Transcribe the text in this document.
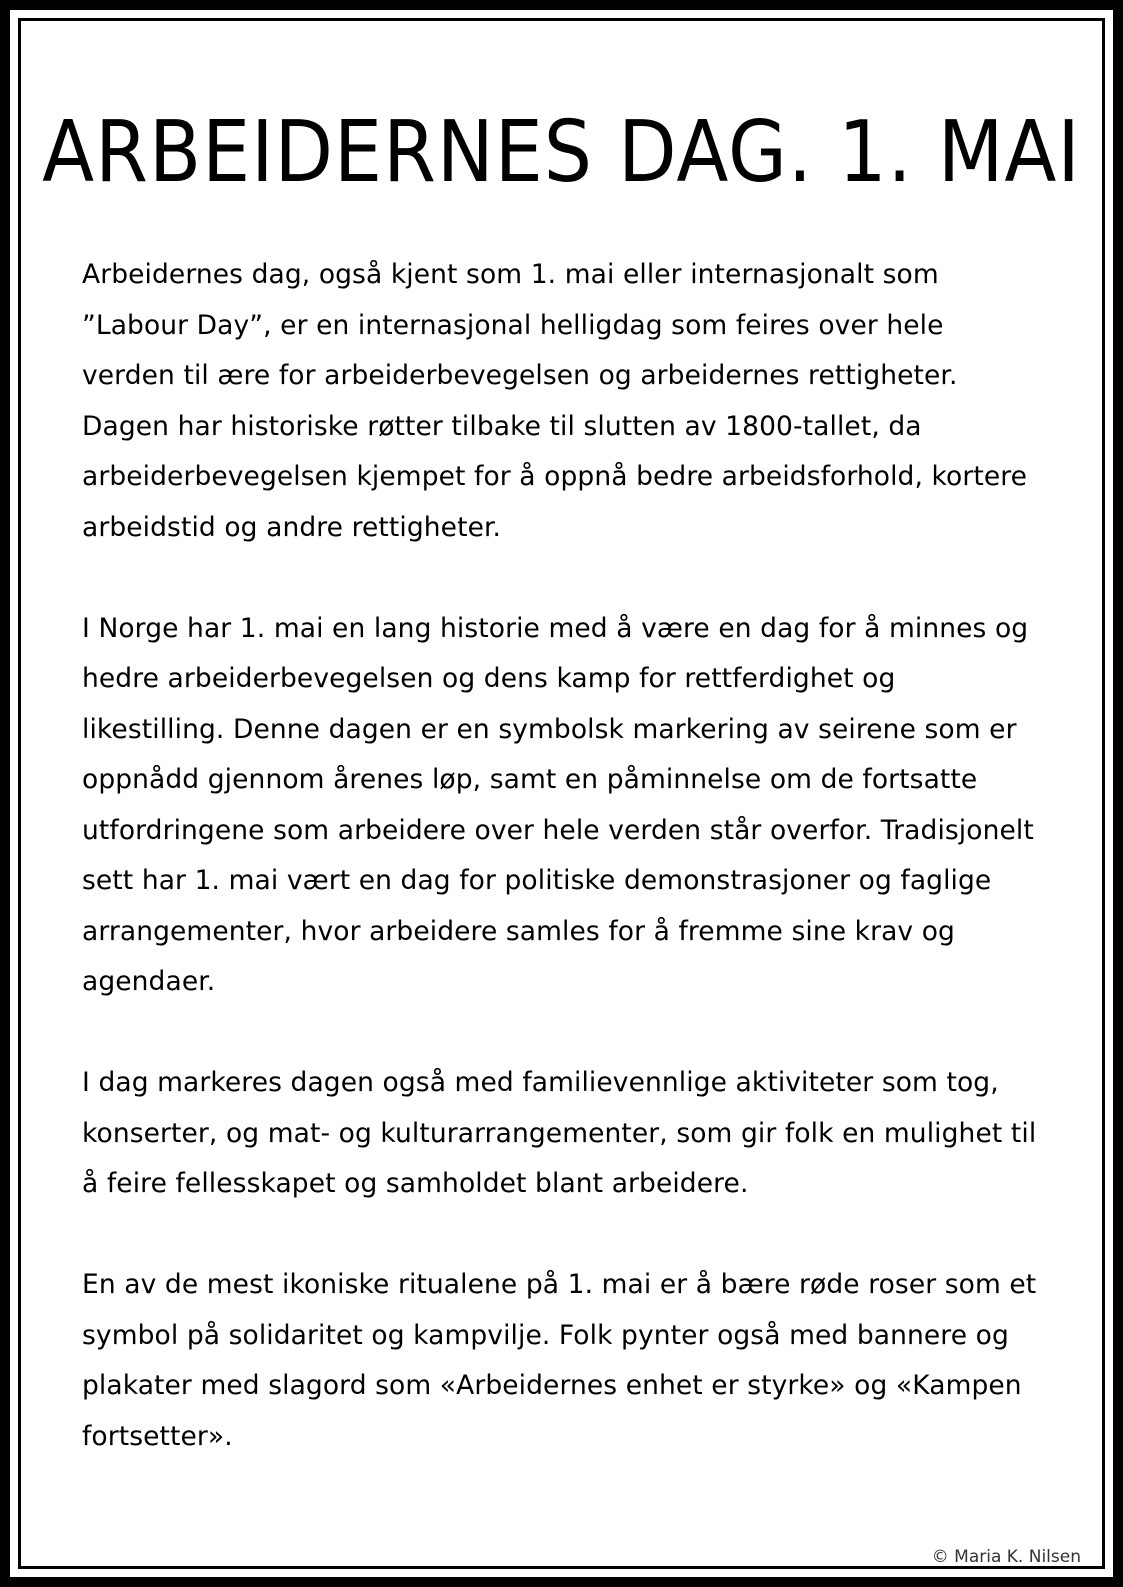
ARBEIDERNES DAG. 1. MAI

Arbeidernes dag, også kjent som 1. mai eller internasjonalt som ”Labour Day”, er en internasjonal helligdag som feires over hele verden til ære for arbeiderbevegelsen og arbeidernes rettigheter. Dagen har historiske røtter tilbake til slutten av 1800-tallet, da arbeiderbevegelsen kjempet for å oppnå bedre arbeidsforhold, kortere arbeidstid og andre rettigheter.

I Norge har 1. mai en lang historie med å være en dag for å minnes og hedre arbeiderbevegelsen og dens kamp for rettferdighet og likestilling. Denne dagen er en symbolsk markering av seirene som er oppnådd gjennom årenes løp, samt en påminnelse om de fortsatte utfordringene som arbeidere over hele verden står overfor. Tradisjonelt sett har 1. mai vært en dag for politiske demonstrasjoner og faglige arrangementer, hvor arbeidere samles for å fremme sine krav og agendaer.

I dag markeres dagen også med familievennlige aktiviteter som tog, konserter, og mat- og kulturarrangementer, som gir folk en mulighet til å feire fellesskapet og samholdet blant arbeidere.

En av de mest ikoniske ritualene på 1. mai er å bære røde roser som et symbol på solidaritet og kampvilje. Folk pynter også med bannere og plakater med slagord som «Arbeidernes enhet er styrke» og «Kampen fortsetter».

© Maria K. Nilsen
